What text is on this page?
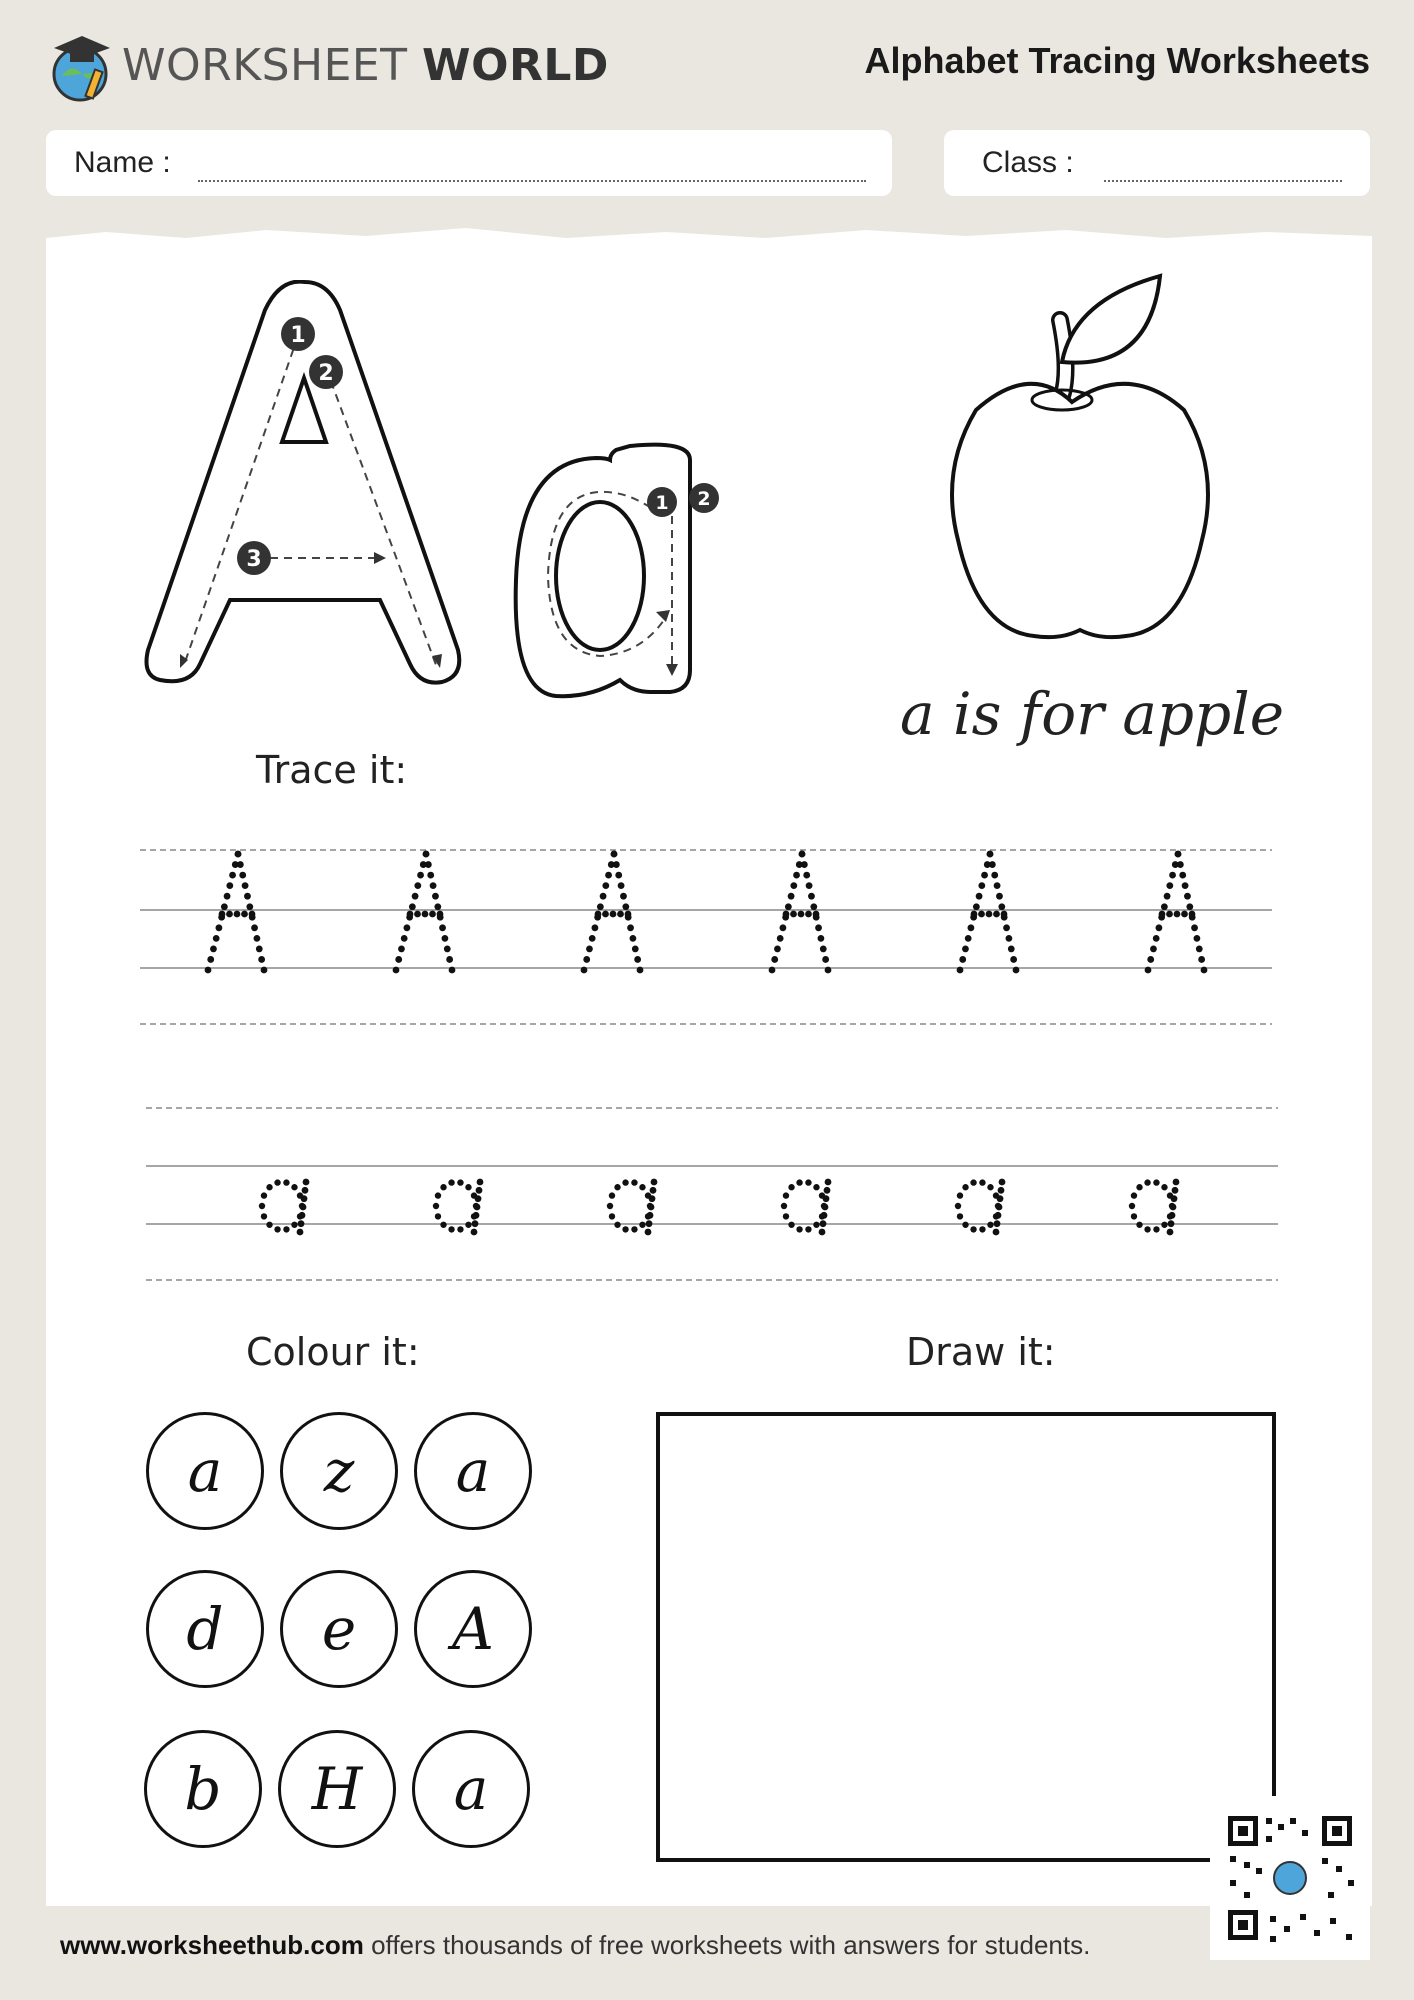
WORKSHEET WORLD	Alphabet Tracing Worksheets
Name :	Class :
1
2
3
1 2
a is for apple
Trace it:
Colour it:
a	z	a
d	e	A
b	H	a
Draw it:
www.worksheethub.com offers thousands of free worksheets with answers for students.
